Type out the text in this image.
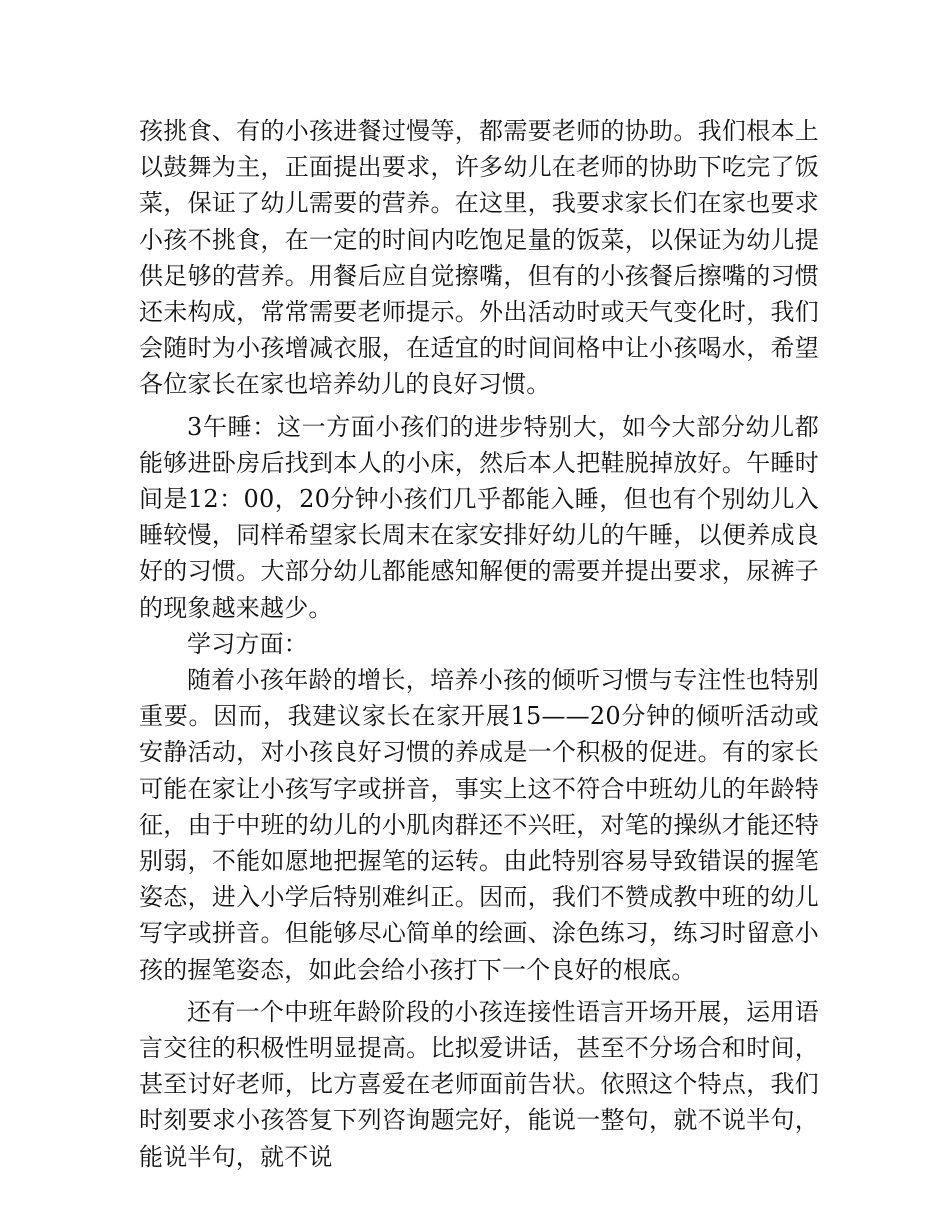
孩挑食、有的小孩进餐过慢等，都需要老师的协助。我们根本上以鼓舞为主，正面提出要求，许多幼儿在老师的协助下吃完了饭菜，保证了幼儿需要的营养。在这里，我要求家长们在家也要求小孩不挑食，在一定的时间内吃饱足量的饭菜，以保证为幼儿提供足够的营养。用餐后应自觉擦嘴，但有的小孩餐后擦嘴的习惯还未构成，常常需要老师提示。外出活动时或天气变化时，我们会随时为小孩增减衣服，在适宜的时间间格中让小孩喝水，希望各位家长在家也培养幼儿的良好习惯。

3午睡：这一方面小孩们的进步特别大，如今大部分幼儿都能够进卧房后找到本人的小床，然后本人把鞋脱掉放好。午睡时间是12：00，20分钟小孩们几乎都能入睡，但也有个别幼儿入睡较慢，同样希望家长周末在家安排好幼儿的午睡，以便养成良好的习惯。大部分幼儿都能感知解便的需要并提出要求，尿裤子的现象越来越少。

学习方面：

随着小孩年龄的增长，培养小孩的倾听习惯与专注性也特别重要。因而，我建议家长在家开展15——20分钟的倾听活动或安静活动，对小孩良好习惯的养成是一个积极的促进。有的家长可能在家让小孩写字或拼音，事实上这不符合中班幼儿的年龄特征，由于中班的幼儿的小肌肉群还不兴旺，对笔的操纵才能还特别弱，不能如愿地把握笔的运转。由此特别容易导致错误的握笔姿态，进入小学后特别难纠正。因而，我们不赞成教中班的幼儿写字或拼音。但能够尽心简单的绘画、涂色练习，练习时留意小孩的握笔姿态，如此会给小孩打下一个良好的根底。

还有一个中班年龄阶段的小孩连接性语言开场开展，运用语言交往的积极性明显提高。比拟爱讲话，甚至不分场合和时间，甚至讨好老师，比方喜爱在老师面前告状。依照这个特点，我们时刻要求小孩答复下列咨询题完好，能说一整句，就不说半句，能说半句，就不说
